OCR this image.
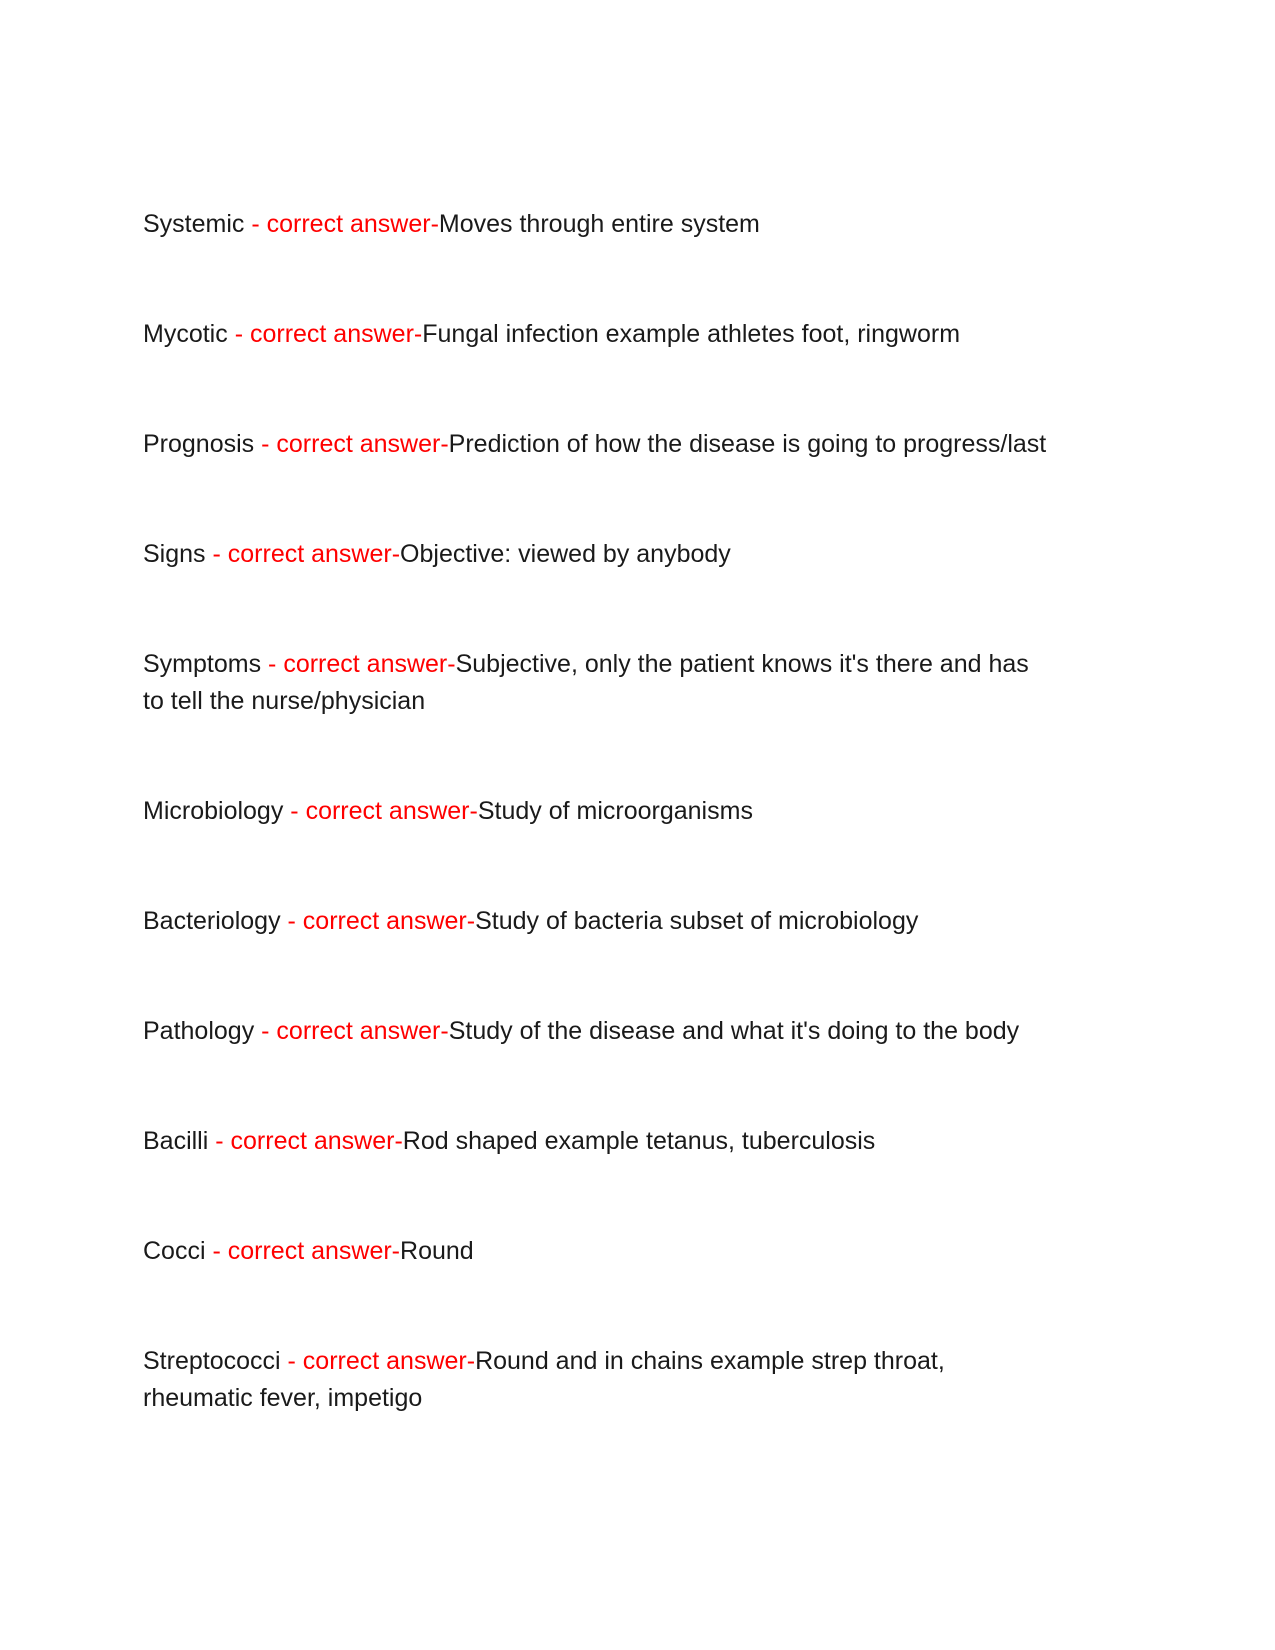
Systemic - correct answer-Moves through entire system

Mycotic - correct answer-Fungal infection example athletes foot, ringworm

Prognosis - correct answer-Prediction of how the disease is going to progress/last

Signs - correct answer-Objective: viewed by anybody

Symptoms - correct answer-Subjective, only the patient knows it's there and has to tell the nurse/physician

Microbiology - correct answer-Study of microorganisms

Bacteriology - correct answer-Study of bacteria subset of microbiology

Pathology - correct answer-Study of the disease and what it's doing to the body

Bacilli - correct answer-Rod shaped example tetanus, tuberculosis

Cocci - correct answer-Round

Streptococci - correct answer-Round and in chains example strep throat, rheumatic fever, impetigo
